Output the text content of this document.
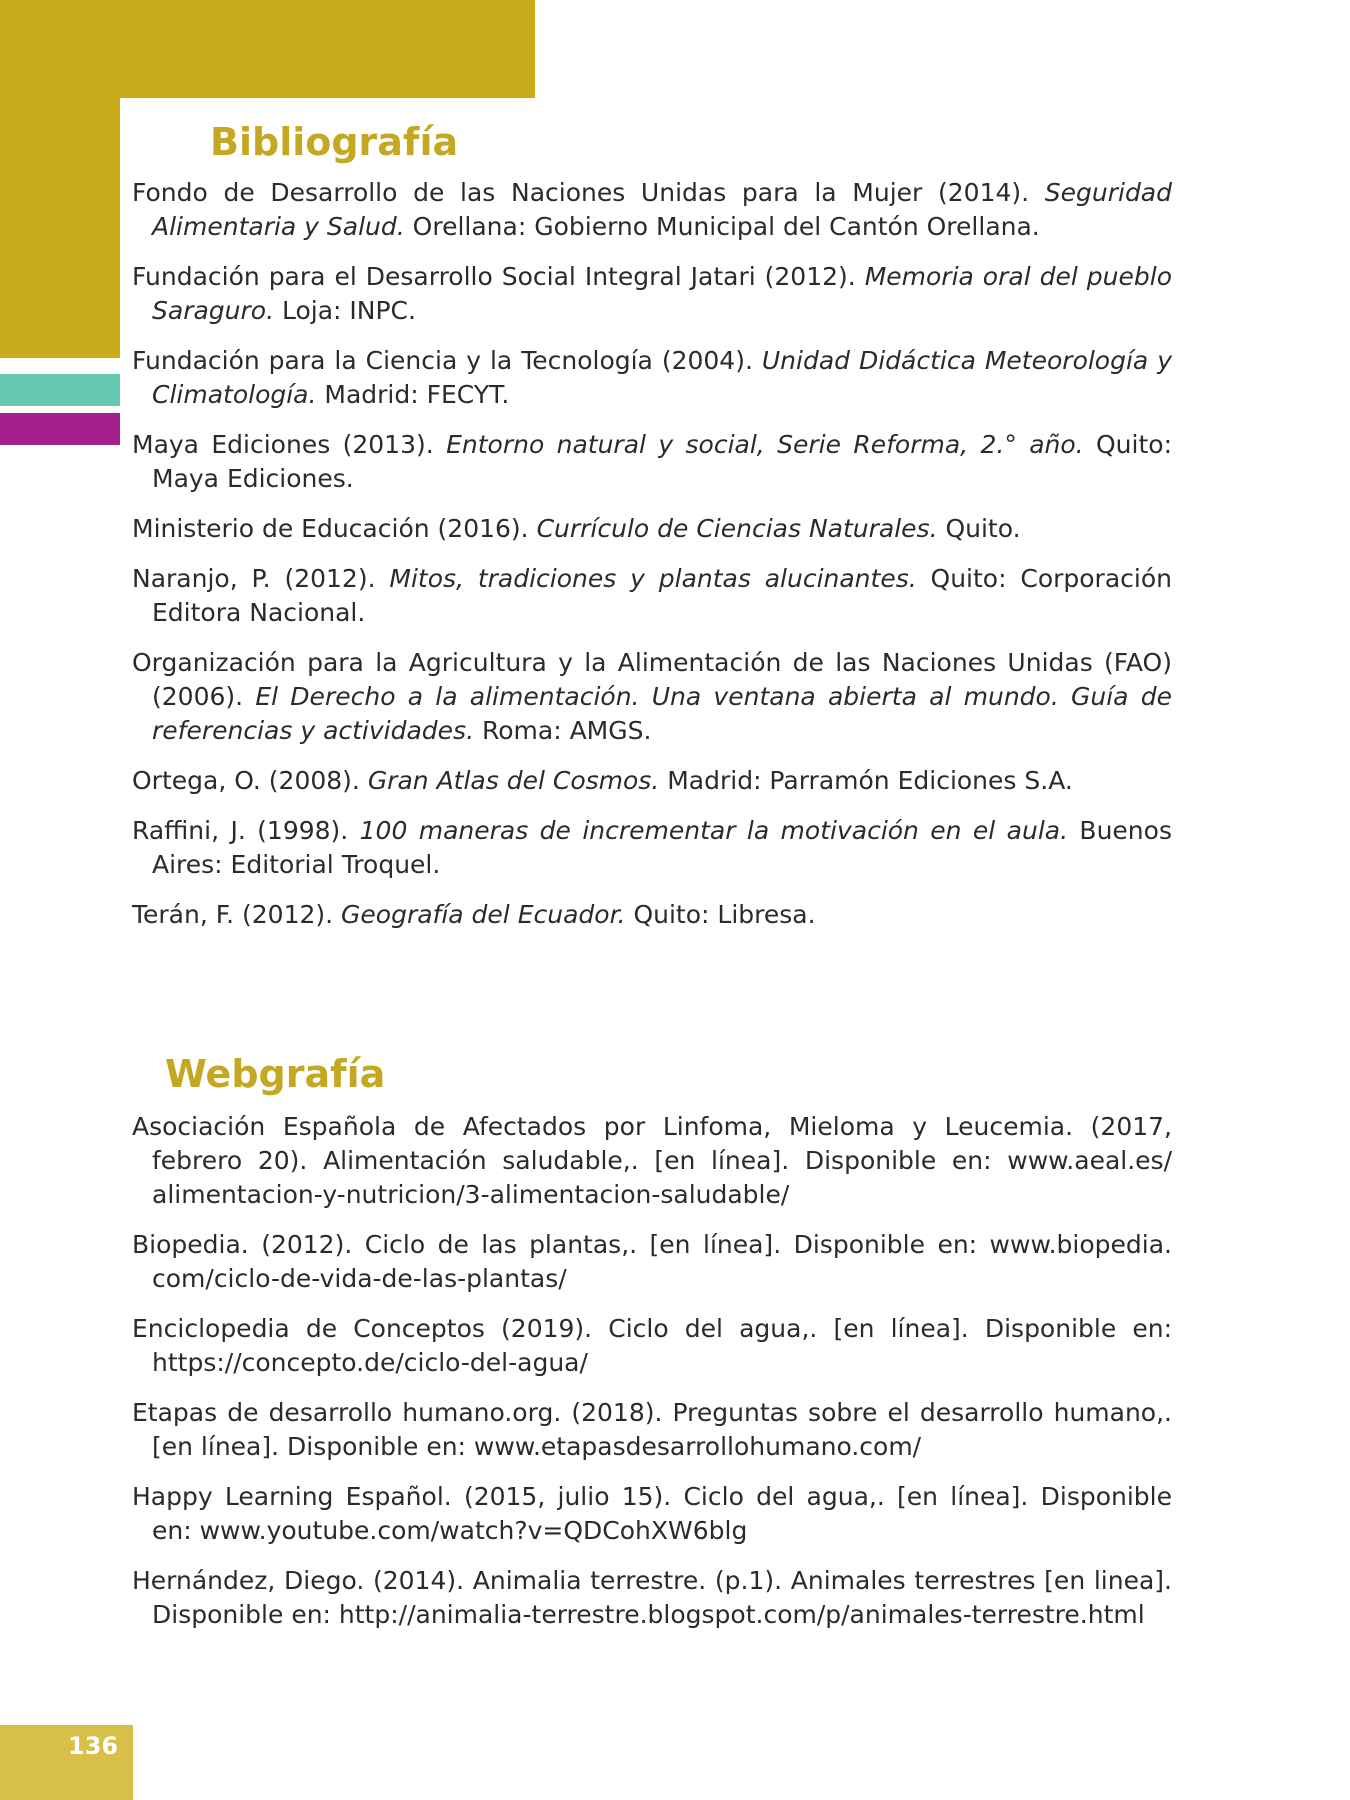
136
Bibliografía
Fondo de Desarrollo de las Naciones Unidas para la Mujer (2014). Seguridad Alimentaria y Salud. Orellana: Gobierno Municipal del Cantón Orellana.
Fundación para el Desarrollo Social Integral Jatari (2012). Memoria oral del pueblo Saraguro. Loja: INPC.
Fundación para la Ciencia y la Tecnología (2004). Unidad Didáctica Meteorología y Climatología. Madrid: FECYT.
Maya Ediciones (2013). Entorno natural y social, Serie Reforma, 2.° año. Quito: Maya Ediciones.
Ministerio de Educación (2016). Currículo de Ciencias Naturales. Quito.
Naranjo, P. (2012). Mitos, tradiciones y plantas alucinantes. Quito: Corporación Editora Nacional.
Organización para la Agricultura y la Alimentación de las Naciones Unidas (FAO) (2006). El Derecho a la alimentación. Una ventana abierta al mundo. Guía de referencias y actividades. Roma: AMGS.
Ortega, O. (2008). Gran Atlas del Cosmos. Madrid: Parramón Ediciones S.A.
Raffini, J. (1998). 100 maneras de incrementar la motivación en el aula. Buenos Aires: Editorial Troquel.
Terán, F. (2012). Geografía del Ecuador. Quito: Libresa.
Webgrafía
Asociación Española de Afectados por Linfoma, Mieloma y Leucemia. (2017, febrero 20). Alimentación saludable,. [en línea]. Disponible en: www.aeal.es/ alimentacion-y-nutricion/3-alimentacion-saludable/
Biopedia. (2012). Ciclo de las plantas,. [en línea]. Disponible en: www.biopedia. com/ciclo-de-vida-de-las-plantas/
Enciclopedia de Conceptos (2019). Ciclo del agua,. [en línea]. Disponible en: https://concepto.de/ciclo-del-agua/
Etapas de desarrollo humano.org. (2018). Preguntas sobre el desarrollo humano,. [en línea]. Disponible en: www.etapasdesarrollohumano.com/
Happy Learning Español. (2015, julio 15). Ciclo del agua,. [en línea]. Disponible en: www.youtube.com/watch?v=QDCohXW6blg
Hernández, Diego. (2014). Animalia terrestre. (p.1). Animales terrestres [en linea]. Disponible en: http://animalia-terrestre.blogspot.com/p/animales-terrestre.html
